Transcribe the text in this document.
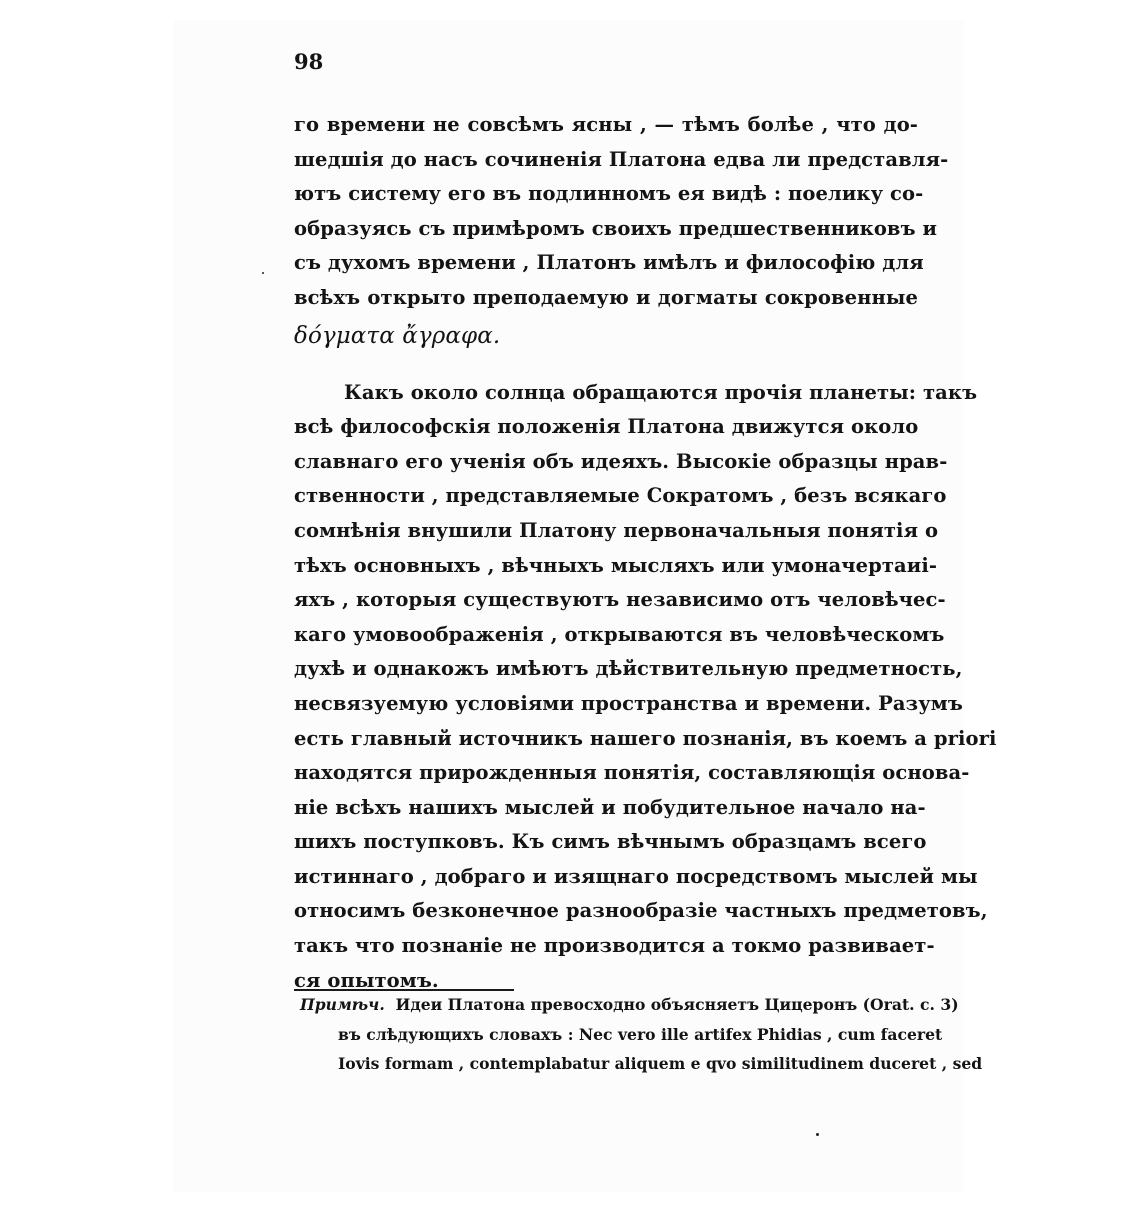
98
го времени не совсѣмъ ясны , — тѣмъ болѣе , что до-
шедшія до насъ сочиненія Платона едва ли представля-
ютъ систему его въ подлинномъ ея видѣ : поелику со-
образуясь съ примѣромъ своихъ предшественниковъ и
съ духомъ времени , Платонъ имѣлъ и философію для
всѣхъ открыто преподаемую и догматы сокровенные
δόγματα ἄγραφα.
Какъ около солнца обращаются прочія планеты: такъ
всѣ философскія положенія Платона движутся около
славнаго его ученія объ идеяхъ. Высокіе образцы нрав-
ственности , представляемые Сократомъ , безъ всякаго
сомнѣнія внушили Платону первоначальныя понятія о
тѣхъ основныхъ , вѣчныхъ мысляхъ или умоначертаиі-
яхъ , которыя существуютъ независимо отъ человѣчес-
каго умовоображенія , открываются въ человѣческомъ
духѣ и однакожъ имѣютъ дѣйствительную предметность,
несвязуемую условіями пространства и времени. Разумъ
есть главный источникъ нашего познанія, въ коемъ a priori
находятся прирожденныя понятія, составляющія основа-
ніе всѣхъ нашихъ мыслей и побудительное начало на-
шихъ поступковъ. Къ симъ вѣчнымъ образцамъ всего
истиннаго , добраго и изящнаго посредствомъ мыслей мы
относимъ безконечное разнообразіе частныхъ предметовъ,
такъ что познаніе не производится а токмо развивает-
ся опытомъ.
Примѣч. Идеи Платона превосходно объясняетъ Цицеронъ (Orat. c. 3)
въ слѣдующихъ словахъ : Nec vero ille artifex Phidias , cum faceret
Iovis formam , contemplabatur aliquem e qvo similitudinem duceret , sed
